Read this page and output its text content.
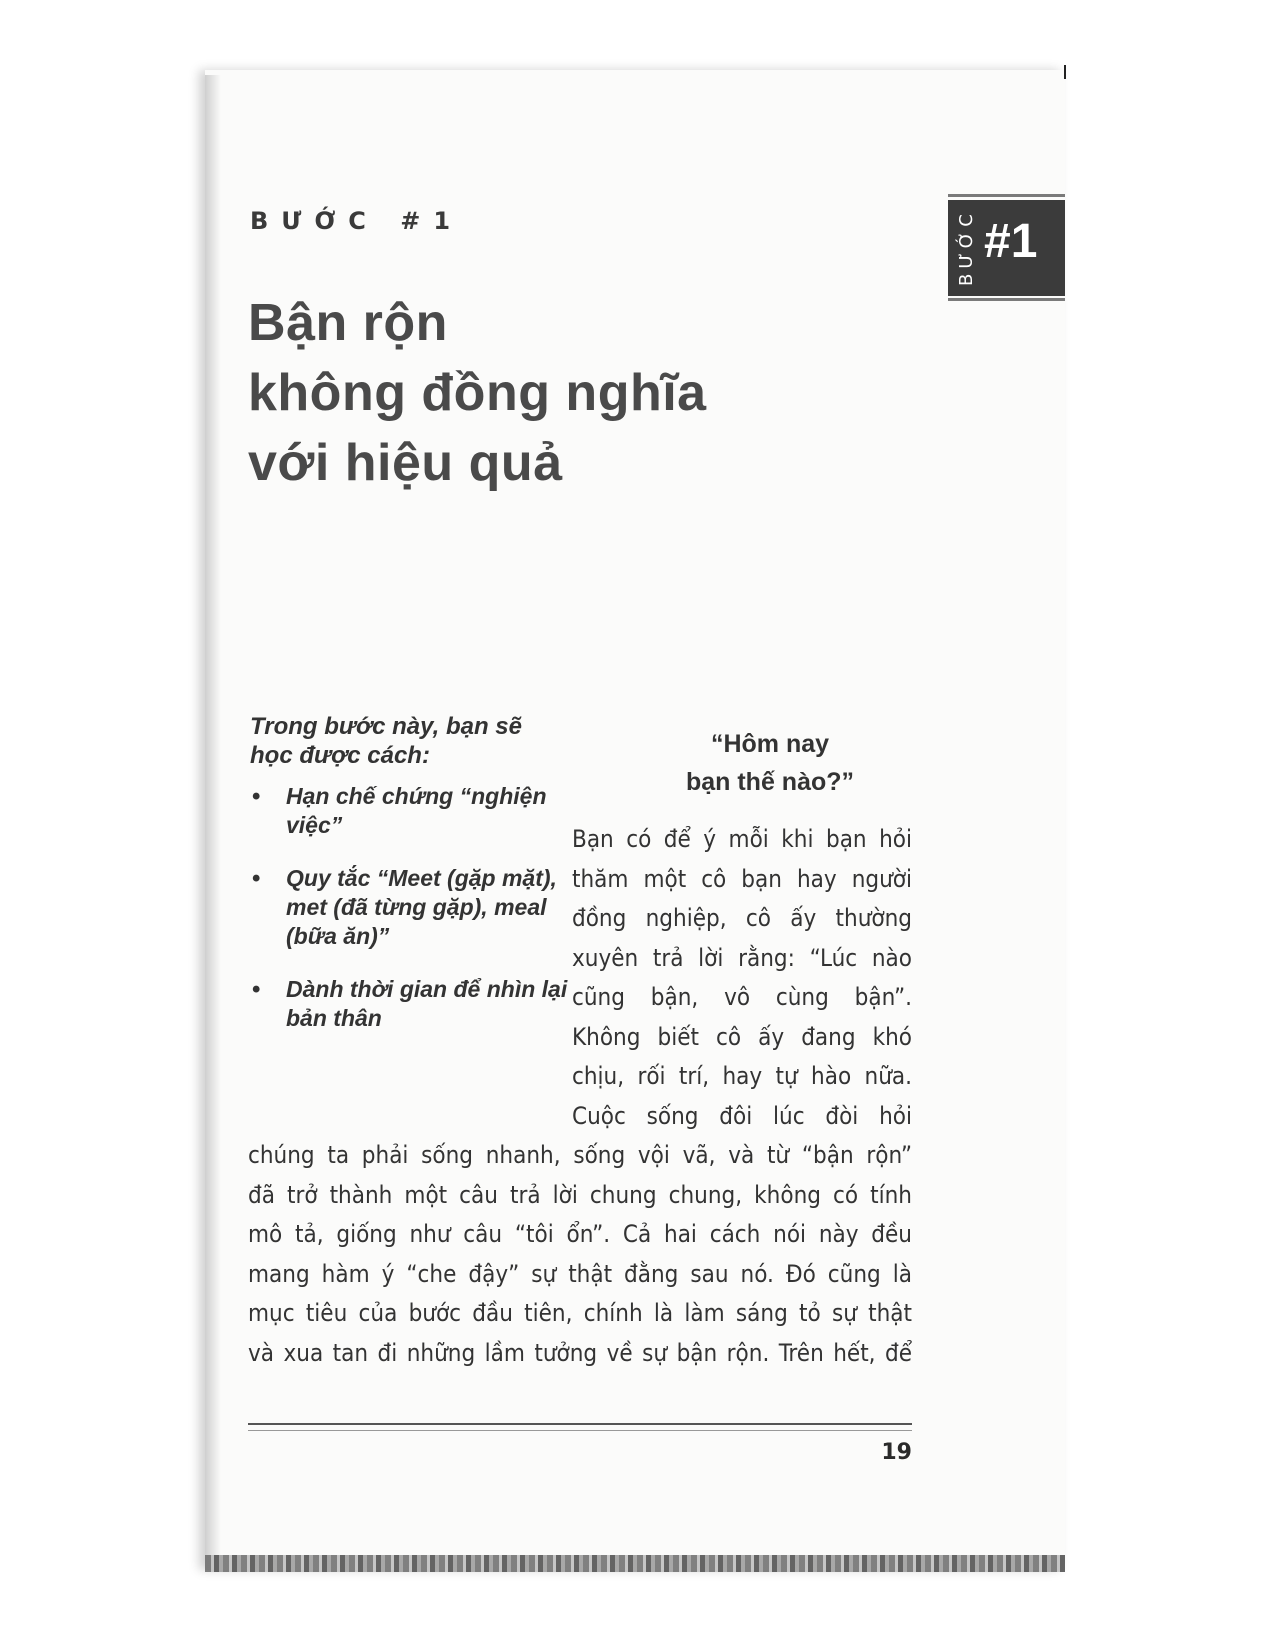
BƯỚC #1
Bận rộn
không đồng nghĩa
với hiệu quả
BƯỚC #1
Trong bước này, bạn sẽ học được cách:
• Hạn chế chứng “nghiện việc”
• Quy tắc “Meet (gặp mặt), met (đã từng gặp), meal (bữa ăn)”
• Dành thời gian để nhìn lại bản thân
“Hôm nay
bạn thế nào?”
Bạn có để ý mỗi khi bạn hỏi
thăm một cô bạn hay người
đồng nghiệp, cô ấy thường
xuyên trả lời rằng: “Lúc nào
cũng bận, vô cùng bận”.
Không biết cô ấy đang khó
chịu, rối trí, hay tự hào nữa.
Cuộc sống đôi lúc đòi hỏi
chúng ta phải sống nhanh, sống vội vã, và từ “bận rộn”
đã trở thành một câu trả lời chung chung, không có tính
mô tả, giống như câu “tôi ổn”. Cả hai cách nói này đều
mang hàm ý “che đậy” sự thật đằng sau nó. Đó cũng là
mục tiêu của bước đầu tiên, chính là làm sáng tỏ sự thật
và xua tan đi những lầm tưởng về sự bận rộn. Trên hết, để
19
